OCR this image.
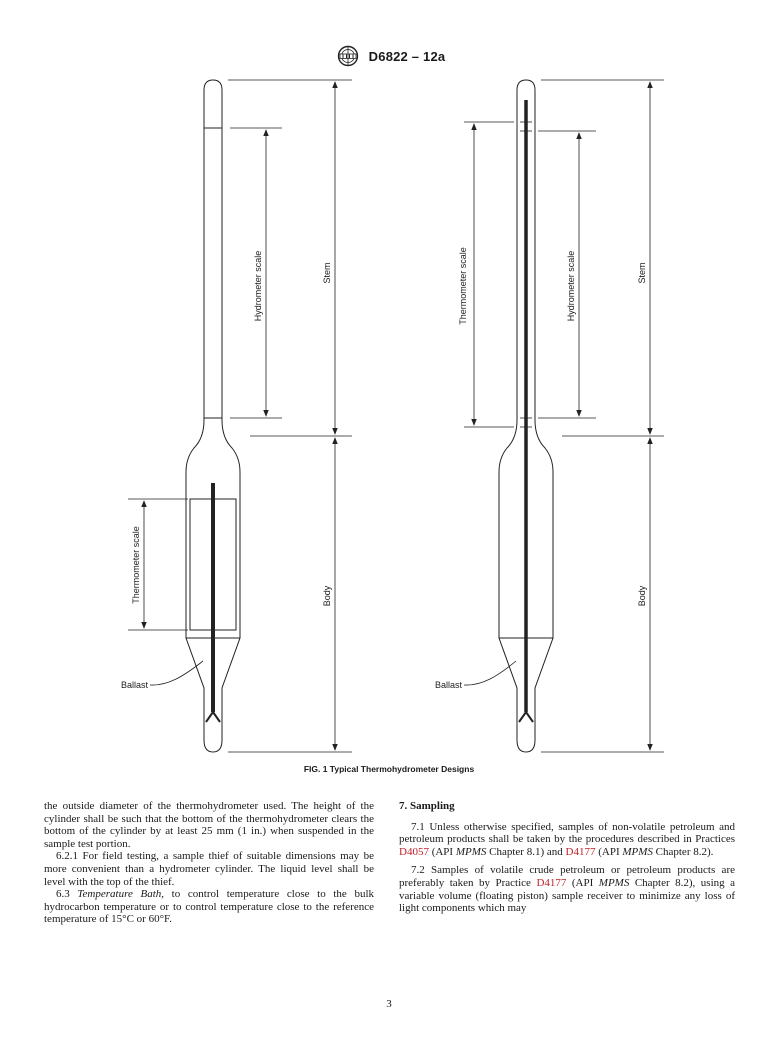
D6822 – 12a
Hydrometer scale	Stem
Thermometer scale	Body
Ballast
Thermometer scale	Hydrometer scale	Stem
Body
Ballast
FIG. 1 Typical Thermohydrometer Designs

the outside diameter of the thermohydrometer used. The height of the cylinder shall be such that the bottom of the thermohydrometer clears the bottom of the cylinder by at least 25 mm (1 in.) when suspended in the sample test portion.

6.2.1 For field testing, a sample thief of suitable dimensions may be more convenient than a hydrometer cylinder. The liquid level shall be level with the top of the thief.

6.3 Temperature Bath, to control temperature close to the bulk hydrocarbon temperature or to control temperature close to the reference temperature of 15°C or 60°F.

7. Sampling

7.1 Unless otherwise specified, samples of non-volatile petroleum and petroleum products shall be taken by the procedures described in Practices D4057 (API MPMS Chapter 8.1) and D4177 (API MPMS Chapter 8.2).

7.2 Samples of volatile crude petroleum or petroleum products are preferably taken by Practice D4177 (API MPMS Chapter 8.2), using a variable volume (floating piston) sample receiver to minimize any loss of light components which may

3
